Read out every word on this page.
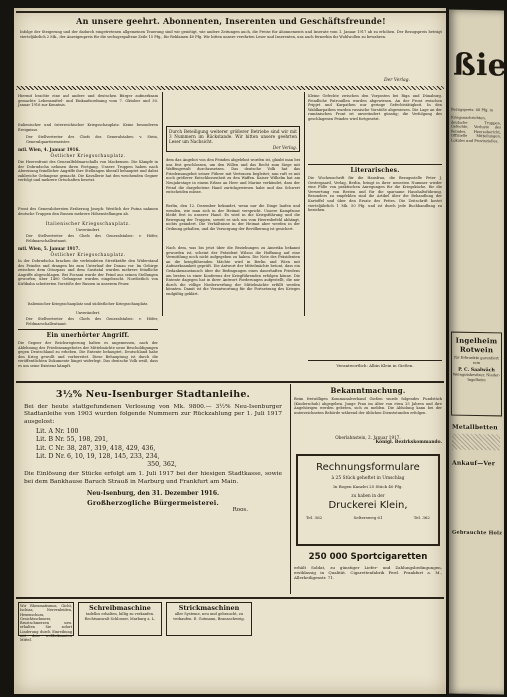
An unsere geehrt. Abonnenten, Inserenten und Geschäftsfreunde!
Infolge der Steigerung und der dadurch eingetretenen allgemeinen Teuerung sind wir genötigt, wie andere Zeitungen auch, die Preise für Abonnements und Inserate vom 1. Januar 1917 ab zu erhöhen. Der Bezugspreis beträgt vierteljährlich 2 Mk., der Anzeigenpreis für die sechsgespaltene Zeile 15 Pfg., für Reklamen 40 Pfg. Wir bitten unsere verehrten Leser und Inserenten, uns auch fernerhin ihr Wohlwollen zu bewahren.
Der Verlag.
Hiermit brachte eine auf andere und deutschen Bürger aufmerksam gemachte Lebensmittel- und Einkaufsordnung vom 7. Oktober und 30. Januar 1916 zur Kenntnis.
Italienischer und österreichischer Kriegsschauplatz. Keine besonderen Ereignisse.
Der Stellvertreter des Chefs des Generalstabes: v. Stein, Generalquartiermeister.
mtl. Wien, 4. Januar 1916.
Östlicher Kriegsschauplatz.
Die Heeresfront des Generalfeldmarschalls von Mackensen. Die Kämpfe in der Dobrudscha nehmen ihren Fortgang. Unsere Truppen haben nach Abweisung feindlicher Angriffe ihre Stellungen überall behauptet und dabei zahlreiche Gefangene gemacht. Die Kavallerie hat den weichenden Gegner verfolgt und mehrere Ortschaften besetzt.
Front des Generalobersten Erzherzog Joseph: Westlich der Putna nahmen deutsche Truppen den Russen mehrere Höhenstellungen ab.
Italienischer Kriegsschauplatz.
Unverändert.
Der Stellvertreter des Chefs des Generalstabes: v. Höfer, Feldmarschalleutnant.
mtl. Wien, 5. Januar 1917.
Östlicher Kriegsschauplatz.
In der Dobrudscha brachen die verbündeten Streitkräfte den Widerstand des Feindes und drangen bis zum Unterlauf der Donau vor. Im Gebirge zwischen dem Oitozpass und dem Susitatal wurden mehrere feindliche Angriffe abgeschlagen. Bei Focsani wurde der Feind aus seinen Stellungen geworfen; über 1400 Gefangene wurden eingebracht. Nordöstlich von Kirlibaba scheiterten Vorstöße der Russen in unserem Feuer.
Italienischer Kriegsschauplatz und südöstlicher Kriegsschauplatz.
Unverändert.
Der Stellvertreter des Chefs des Generalstabes: v. Höfer, Feldmarschalleutnant.
Ein unerhörter Angriff.
Die Gegner der Reichsregierung halten es angemessen, nach der Ablehnung des Friedensangebotes der Mittelmächte neue Beschuldigungen gegen Deutschland zu erheben. Die Entente behauptet, Deutschland habe den Krieg gewollt und vorbereitet. Diese Behauptung ist durch die veröffentlichten Dokumente längst widerlegt. Das deutsche Volk weiß, dass es um seine Existenz kämpft.
Durch Beteiligung weiterer größerer Betriebe sind wir mit 3 Nummern im Rückstande. Wir bitten unsere geehrten Leser um Nachsicht.
Der Verlag.
dem das Angebot von den Feinden abgelehnt worden ist, glaubt man bei uns fest geschlossen, um den Willen und das Recht zum Siege mit Waffengewalt durchzusetzen. Das deutsche Volk hat das Friedensangebot seiner Führer mit Vertrauen begleitet; nun ruft es mit noch größerer Entschlossenheit zu den Waffen. Kaiser Wilhelm hat am Neujahrstage in einem Erlass an Heer und Marine verkündet, dass der Feind die dargebotene Hand zurückgewiesen habe und das Schwert entscheiden müsse.
Berlin, den 12. Dezember bekundet, wenn nur die Dinge laufen und wenden, wie man sich in der Heimat verspricht. Unsere Kampfzone bleibt fest in unserer Hand. Es wird in die Kriegsführung und die Bewegung der Truppen, soweit es sich um vom Heeresbefehl abhängt, nichts geändert. Die Verhältnisse in der Heimat aber werden in der Ordnung gehalten, und die Versorgung der Bevölkerung ist gesichert.
Nach dem, was bis jetzt über die Beziehungen zu Amerika bekannt geworden ist, scheint der Präsident Wilson die Hoffnung auf eine Vermittlung noch nicht aufgegeben zu haben. Die Note des Präsidenten an die kriegführenden Mächte wird in Berlin und Wien mit Aufmerksamkeit geprüft. Die Antwort der Mittelmächte betont, dass ein Gedankenaustausch über die Bedingungen eines dauerhaften Friedens am besten in einer Konferenz der Kriegführenden erfolgen könne. Die Entente dagegen hat in ihrer Antwort Forderungen aufgestellt, die nur durch die völlige Niederwerfung der Mittelmächte erfüllt werden könnten. Damit ist die Verantwortung für die Fortsetzung des Krieges endgültig geklärt.
Kleine Gefechte zwischen den Vorposten bei Riga und Dünaburg. Feindliche Patrouillen wurden abgewiesen. An der Front zwischen Pripjet und Karpathen nur geringe Gefechtstätigkeit. In den Waldkarpathen wurden russische Vorstöße abgewiesen. Die Lage an der rumänischen Front ist unverändert günstig; die Verfolgung des geschlagenen Feindes wird fortgesetzt.
Literarisches.
Die Wochenschrift für die Hausfrau, die Bezugsstelle Peter J. Oestergaard, Verlag, Berlin, bringt in ihrer neuesten Nummer wieder eine Fülle von praktischen Anregungen für die Kriegsküche, für die Verwertung von Resten und für die sparsame Haushaltsführung. Besonders zu empfehlen sind die Artikel über die Behandlung der Kartoffel und über den Ersatz des Fettes. Die Zeitschrift kostet vierteljährlich 1 Mk. 50 Pfg. und ist durch jede Buchhandlung zu beziehen.
Verantwortlich: Albin Klein in Gießen.
3½% Neu-Isenburger Stadtanleihe.
Bei der heute stattgefundenen Verlosung von Mk. 9800.— 3½% Neu-Isenburger Stadtanleihe von 1903 wurden folgende Nummern zur Rückzahlung per 1. Juli 1917 ausgelost:
Lit. A Nr. 100
Lit. B Nr. 55, 198, 291,
Lit. C Nr. 38, 287, 319, 418, 429, 436,
Lit. D Nr. 6, 10, 19, 128, 145, 233, 234,
350, 362,
Die Einlösung der Stücke erfolgt am 1. Juli 1917 bei der hiesigen Stadtkasse, sowie bei dem Bankhause Baruch Strauß in Marburg und Frankfurt am Main.
Neu-Isenburg, den 31. Dezember 1916.
Großherzogliche Bürgermeisterei.
Roos.
Bekanntmachung.
Beim freiwilligen Kommunalverband Gießen wurde folgendes Fundstück (Kinderschuh) abgegeben. Junge Frau im Alter von etwa 25 Jahren und ihre Angehörigen werden gebeten, sich zu melden. Die Abholung kann bei der unterzeichneten Behörde während der üblichen Dienststunden erfolgen.
Oberlahnstein, 2. Januar 1917.
Königl. Bezirkskommando.
Rechnungsformulare
à 25 Stück geheftet in Umschlag
In Bogen Kanzlei 25 Stück 40 Pfg.
zu haben in der
Druckerei Klein,
Tel. 362	Seltersweg 61	Tel. 362
250 000 Sportcigaretten
erhält Soldat, zu günstiger Liefer- und Zahlungsbedingungen, erstklassig in Qualität. Cigarettenfabrik Ferd. Frankfurt a. M., Allerheiligenstr. 71.
Wir Rheumatismus, Gicht, Ischias, Nervenleiden, Hexenschuss, Gesichtsschmerz, Brustschmerzen usw. erhalten Sie sofort Linderung durch Einreibung mit dem weltbekannten Mittel.
Schreibmaschine
tadellos erhalten, billig zu verkaufen. Rechtsanwalt Schlosser, Marburg a. L.
Strickmaschinen
aller Systeme, neu und gebraucht, zu verkaufen. E. Gutmann, Braunschweig.
ßie
Bezugspreis: 40 Pfg. m
Kriegsnachrichten, deutsche Truppen, Gefechte, Verluste des Feindes, Heeresbericht, Offizielle Mitteilungen, Lokales und Provinzielles.
Ingelheim
Rotwein
für Erkrankte garantiert rein
P. C. Saalwäch
Weingutsbesitzer, Nieder-Ingelheim
Metallbetten
Ankauf—Ver
Gebrauchte Holz
